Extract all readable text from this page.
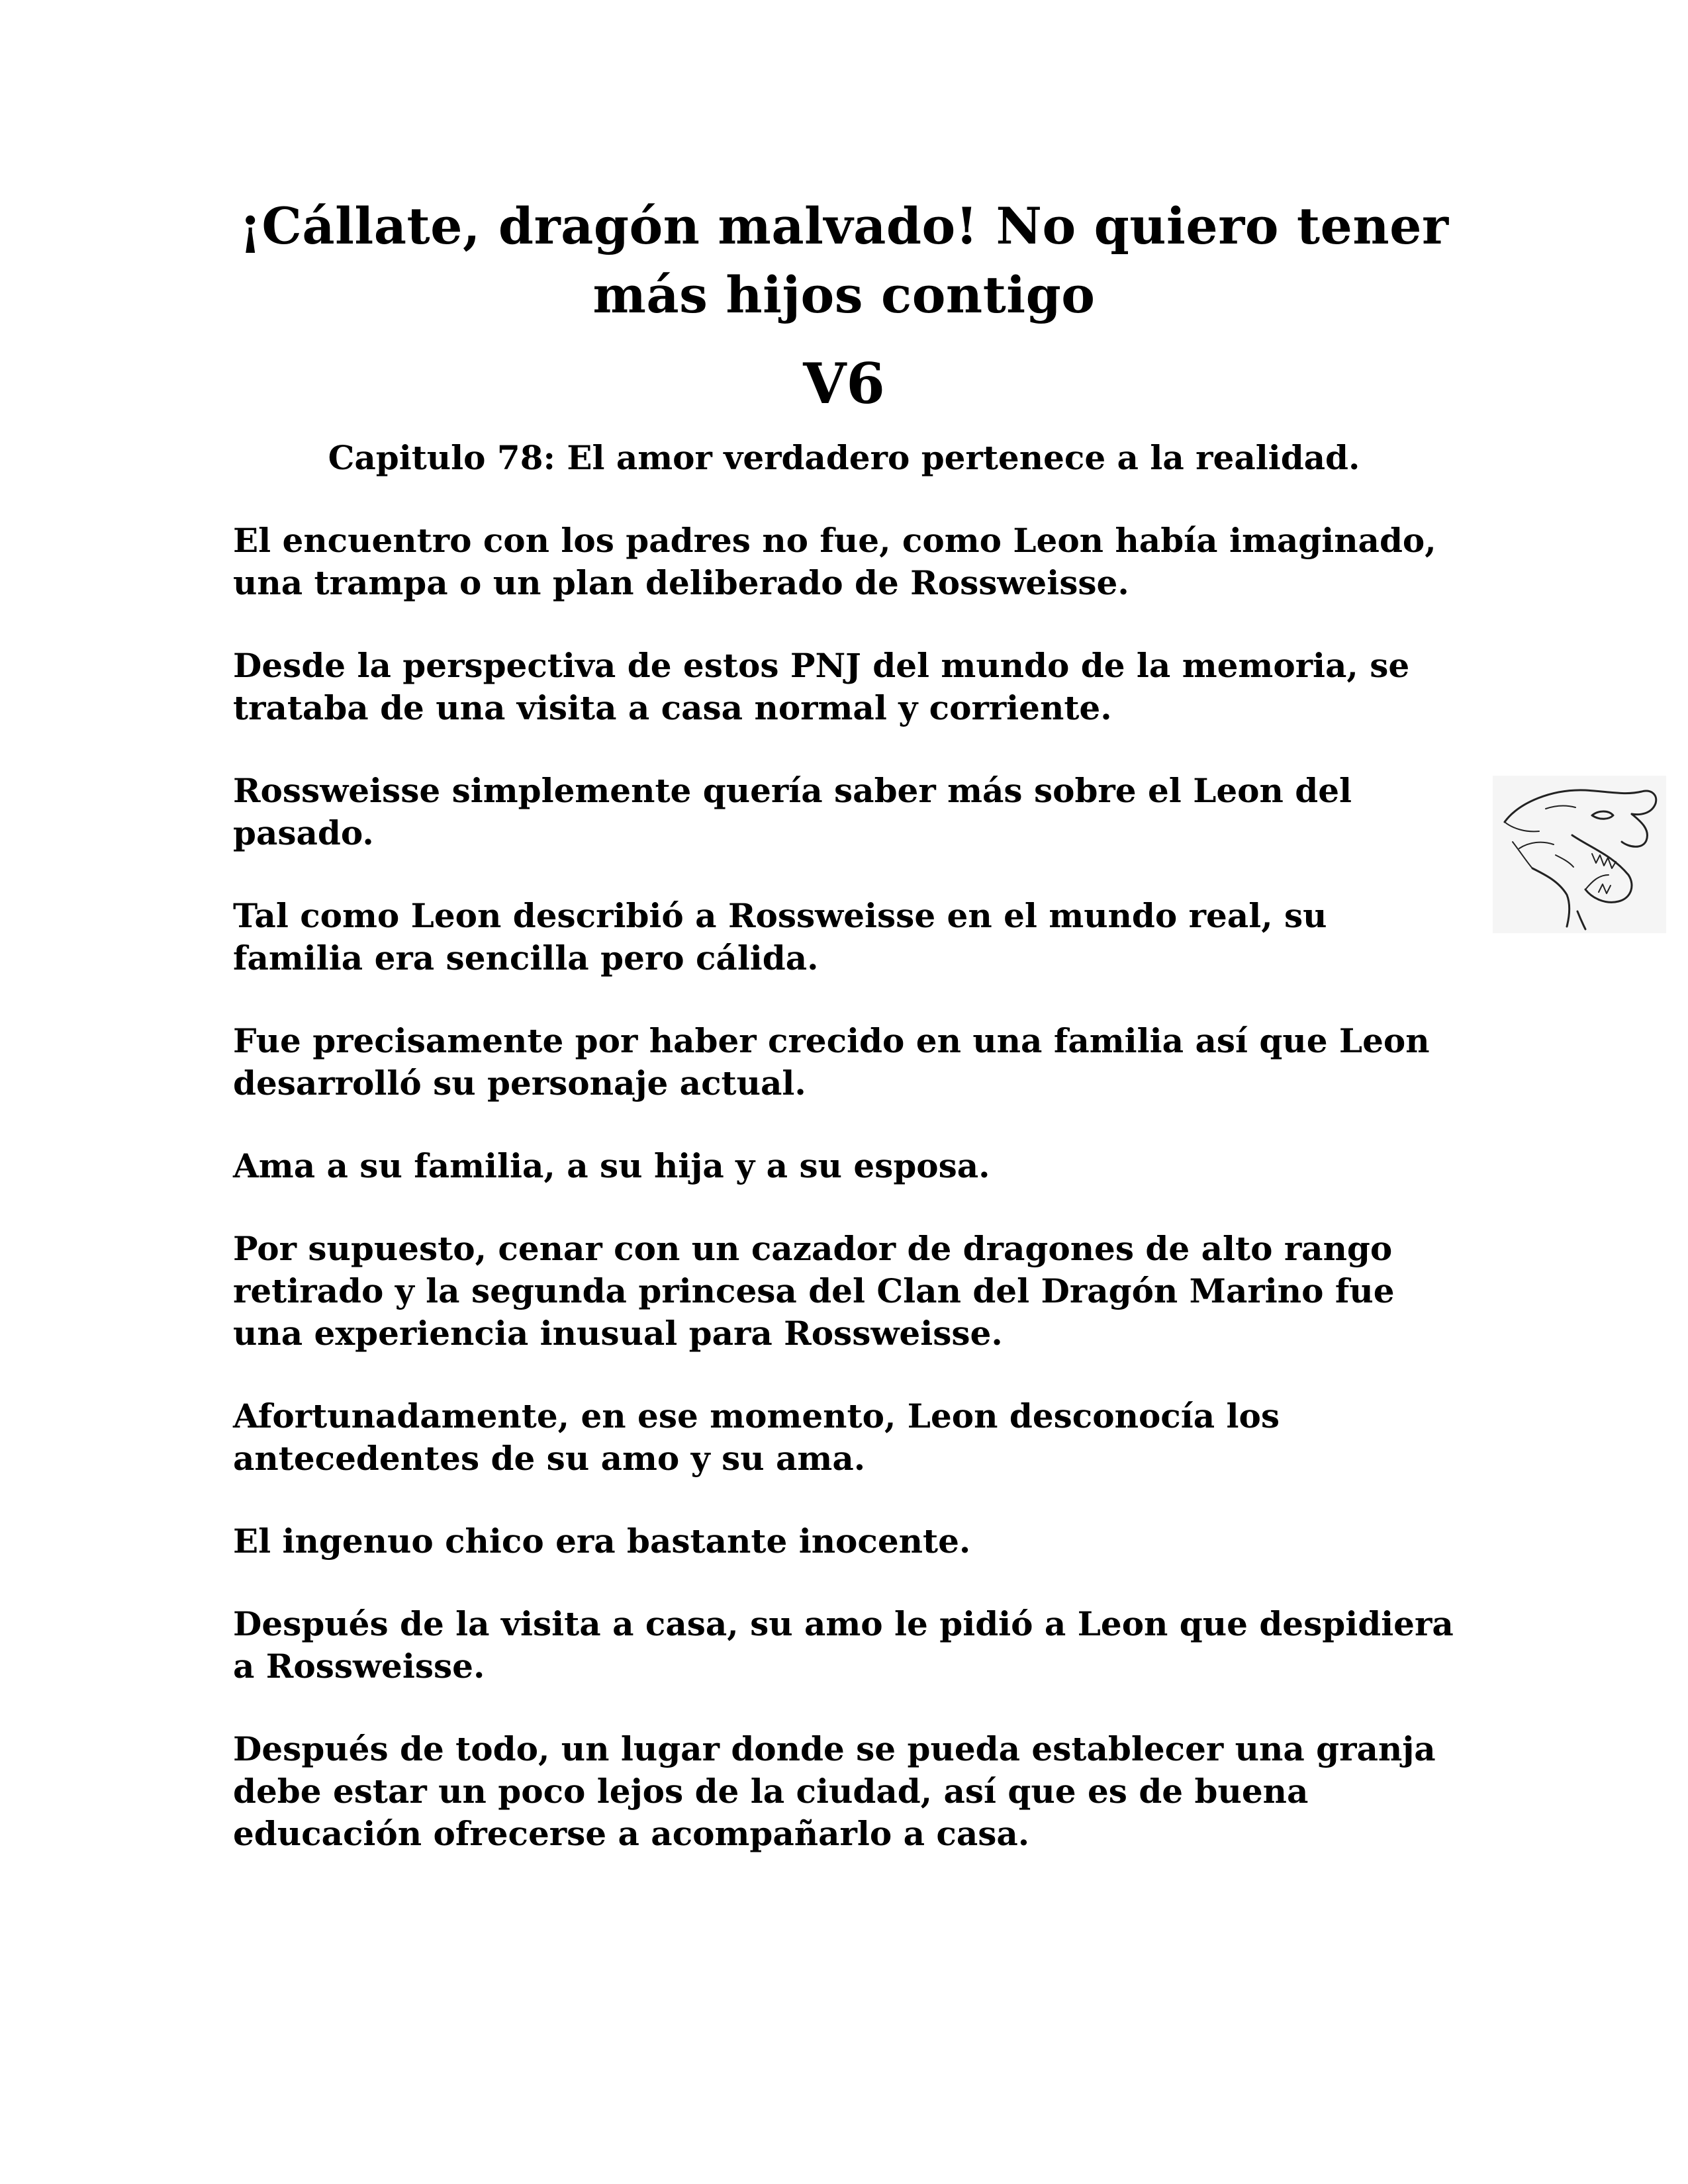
¡Cállate, dragón malvado! No quiero tener más hijos contigo
V6
Capitulo 78: El amor verdadero pertenece a la realidad.

El encuentro con los padres no fue, como Leon había imaginado, una trampa o un plan deliberado de Rossweisse.

Desde la perspectiva de estos PNJ del mundo de la memoria, se trataba de una visita a casa normal y corriente.

Rossweisse simplemente quería saber más sobre el Leon del pasado.

Tal como Leon describió a Rossweisse en el mundo real, su familia era sencilla pero cálida.

Fue precisamente por haber crecido en una familia así que Leon desarrolló su personaje actual.

Ama a su familia, a su hija y a su esposa.

Por supuesto, cenar con un cazador de dragones de alto rango retirado y la segunda princesa del Clan del Dragón Marino fue una experiencia inusual para Rossweisse.

Afortunadamente, en ese momento, Leon desconocía los antecedentes de su amo y su ama.

El ingenuo chico era bastante inocente.

Después de la visita a casa, su amo le pidió a Leon que despidiera a Rossweisse.

Después de todo, un lugar donde se pueda establecer una granja debe estar un poco lejos de la ciudad, así que es de buena educación ofrecerse a acompañarlo a casa.
